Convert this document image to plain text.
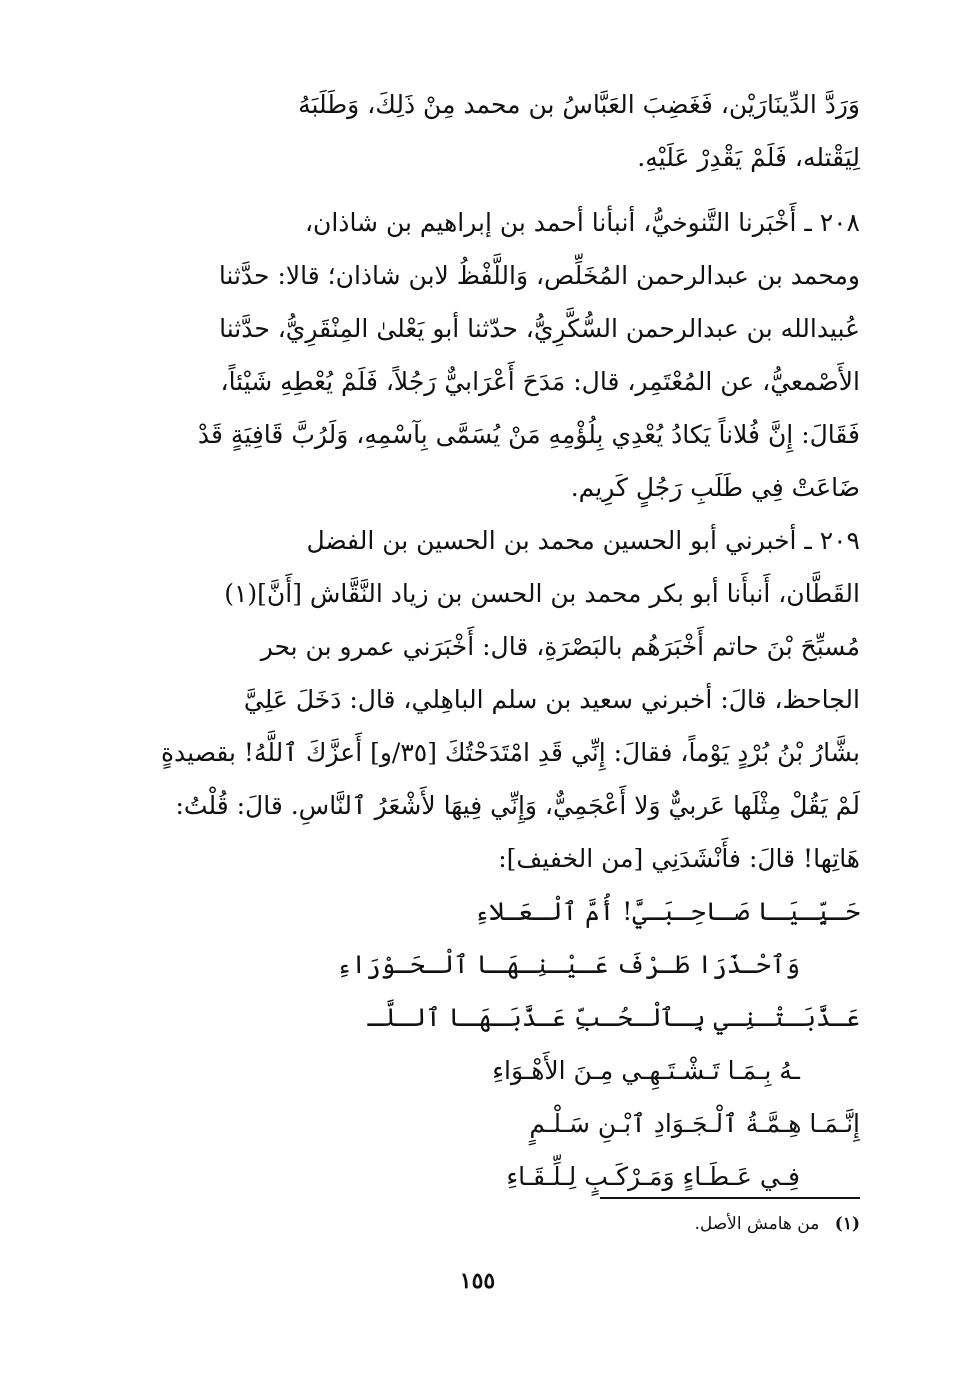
وَرَدَّ الدِّينَارَيْن، فَغَضِبَ العَبَّاسُ بن محمد مِنْ ذَلِكَ، وَطَلَبَهُ
لِيَقْتله، فَلَمْ يَقْدِرْ عَلَيْهِ.
٢٠٨ ـ أَخْبَرنا التَّنوخيُّ، أنبأنا أحمد بن إبراهيم بن شاذان،
ومحمد بن عبدالرحمن المُخَلِّص، وَاللَّفْظُ لابن شاذان؛ قالا: حدَّثنا
عُبيدالله بن عبدالرحمن السُّكَّرِيُّ، حدّثنا أبو يَعْلىٰ المِنْقَرِيُّ، حدَّثنا
الأَصْمعيُّ، عن المُعْتَمِر، قال: مَدَحَ أَعْرَابيٌّ رَجُلاً، فَلَمْ يُعْطِهِ شَيْئاً،
فَقَالَ: إِنَّ فُلاناً يَكادُ يُعْدِي بِلُؤْمِهِ مَنْ يُسَمَّى بِآسْمِهِ، وَلَرُبَّ قَافِيَةٍ قَدْ
ضَاعَتْ فِي طَلَبِ رَجُلٍ كَرِيم.
٢٠٩ ـ أخبرني أبو الحسين محمد بن الحسين بن الفضل
القَطَّان، أَنبأَنا أبو بكر محمد بن الحسن بن زياد النَّقَّاش [أَنَّ](١)
مُسبِّحَ بْنَ حاتم أَخْبَرَهُم بالبَصْرَةِ، قال: أَخْبَرَني عمرو بن بحر
الجاحظ، قالَ: أخبرني سعيد بن سلم الباهِلي، قال: دَخَلَ عَلِيَّ
بشَّارُ بْنُ بُرْدٍ يَوْماً، فقالَ: إِنِّي قَدِ امْتَدَحْتُكَ [٣٥/و] أَعزَّكَ ٱللَّهُ! بقصيدةٍ
لَمْ يَقُلْ مِثْلَها عَربيٌّ وَلا أَعْجَمِيٌّ، وَإِنِّي فِيهَا لأَشْعَرُ ٱلنَّاسِ. قالَ: قُلْتُ:
هَاتِها! قالَ: فأَنْشَدَنِي [من الخفيف]:
حَـيِّـيَـا صَـاحِـبَـيَّ! أُمَّ ٱلْـعَـلاءِ
وَٱحْـذَرَا طَـرْفَ عَـيْـنِـهَـا ٱلْـحَـوْرَاءِ
عَـذَّبَـتْـنِـي بِـٱلْـحُـبِّ عَـذَّبَـهَـا ٱلـلَّـ
ـهُ بِـمَـا تَـشْـتَـهِـي مِـنَ الأَهْـوَاءِ
إِنَّـمَـا هِـمَّـةُ ٱلْـجَـوَادِ ٱبْـنِ سَـلْـمٍ
فِـي عَـطَـاءٍ وَمَـرْكَـبٍ لِـلِّـقَـاءِ
(١) من هامش الأصل.
١٥٥
